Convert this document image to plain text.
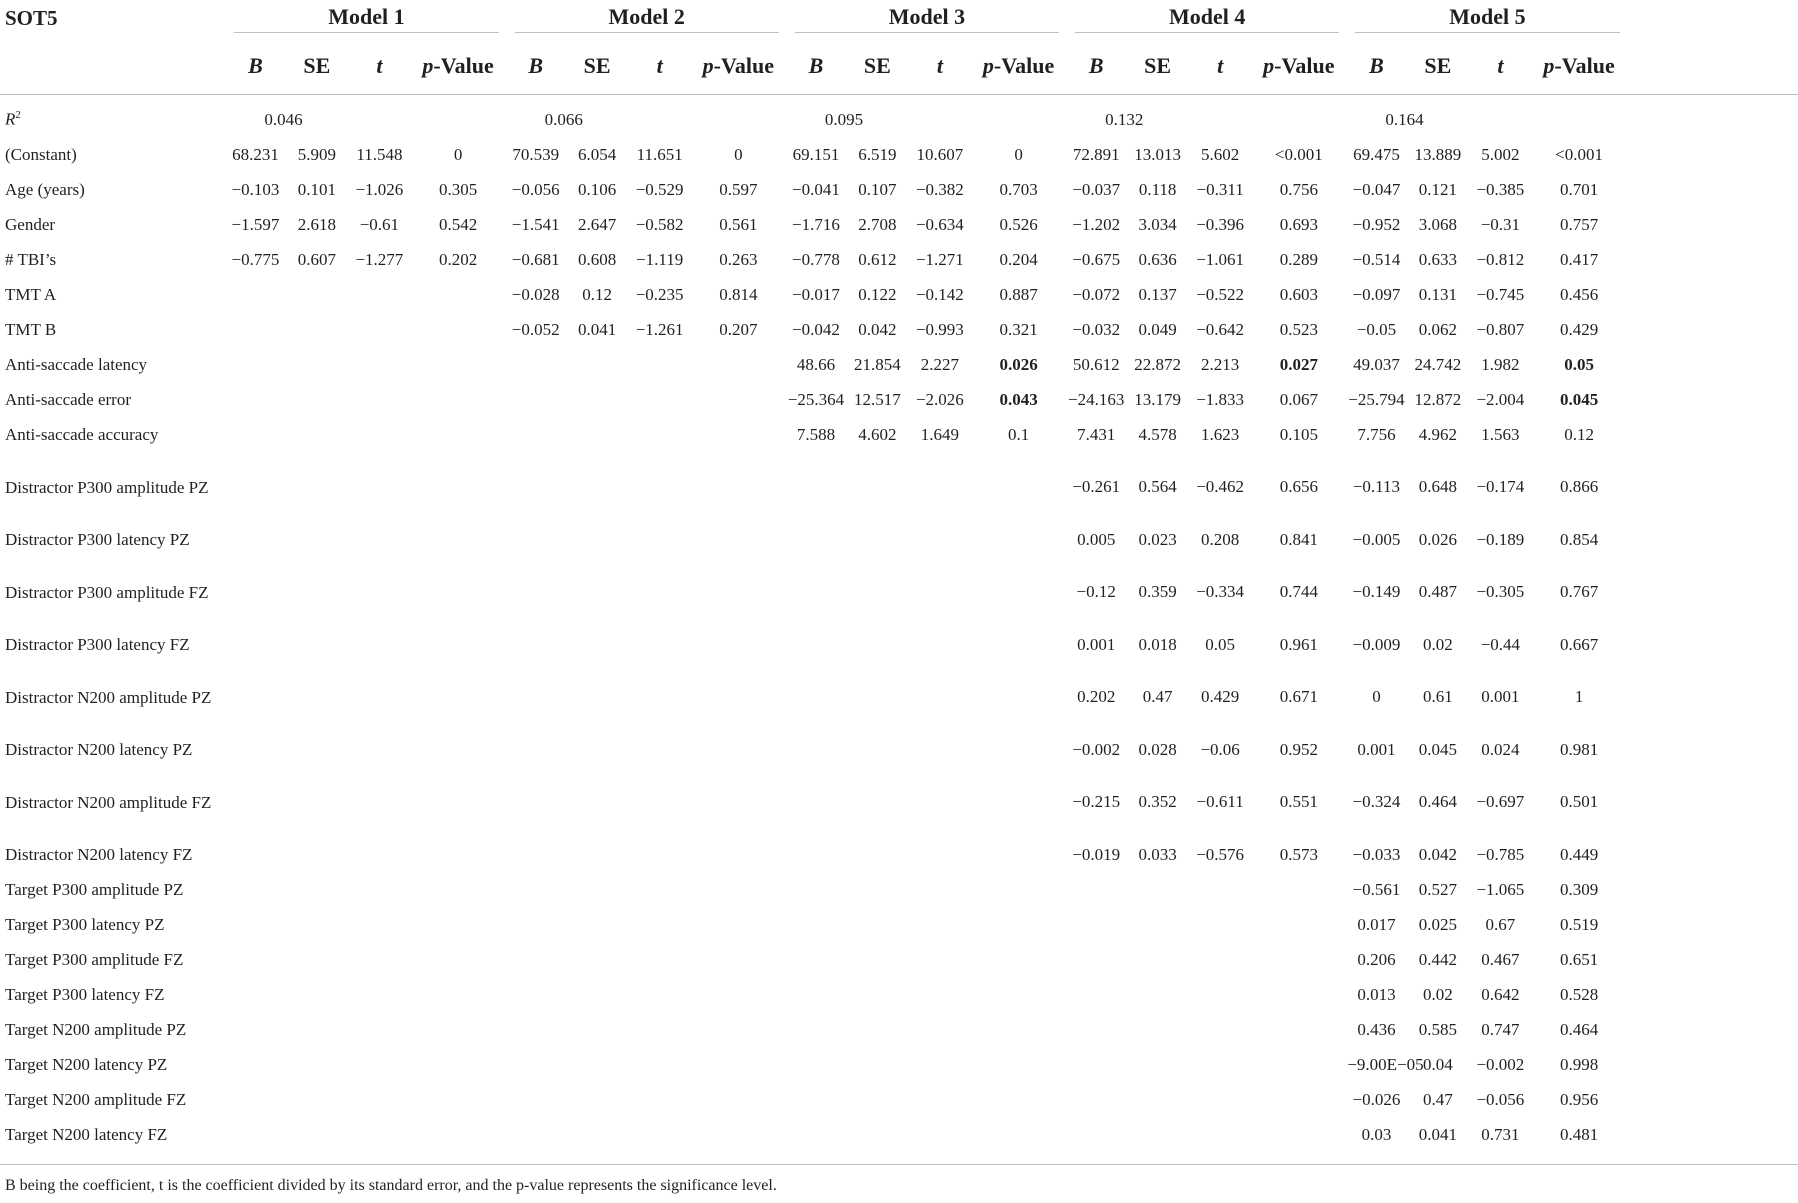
SOT5	Model 1				Model 2				Model 3				Model 4				Model 5				

	B	SE	t	p-Value	B	SE	t	p-Value	B	SE	t	p-Value	B	SE	t	p-Value	B	SE	t	p-Value	

$R^2$	0.046				0.066				0.095				0.132				0.164				
(Constant)	68.231	5.909	11.548	0	70.539	6.054	11.651	0	69.151	6.519	10.607	0	72.891	13.013	5.602	<0.001	69.475	13.889	5.002	<0.001	
Age (years)	−0.103	0.101	−1.026	0.305	−0.056	0.106	−0.529	0.597	−0.041	0.107	−0.382	0.703	−0.037	0.118	−0.311	0.756	−0.047	0.121	−0.385	0.701	
Gender	−1.597	2.618	−0.61	0.542	−1.541	2.647	−0.582	0.561	−1.716	2.708	−0.634	0.526	−1.202	3.034	−0.396	0.693	−0.952	3.068	−0.31	0.757	
# TBI’s	−0.775	0.607	−1.277	0.202	−0.681	0.608	−1.119	0.263	−0.778	0.612	−1.271	0.204	−0.675	0.636	−1.061	0.289	−0.514	0.633	−0.812	0.417	
TMT A					−0.028	0.12	−0.235	0.814	−0.017	0.122	−0.142	0.887	−0.072	0.137	−0.522	0.603	−0.097	0.131	−0.745	0.456	
TMT B					−0.052	0.041	−1.261	0.207	−0.042	0.042	−0.993	0.321	−0.032	0.049	−0.642	0.523	−0.05	0.062	−0.807	0.429	
Anti-saccade latency									48.66	21.854	2.227	0.026	50.612	22.872	2.213	0.027	49.037	24.742	1.982	0.05	
Anti-saccade error									−25.364	12.517	−2.026	0.043	−24.163	13.179	−1.833	0.067	−25.794	12.872	−2.004	0.045	
Anti-saccade accuracy									7.588	4.602	1.649	0.1	7.431	4.578	1.623	0.105	7.756	4.962	1.563	0.12	
Distractor P300 amplitude PZ													−0.261	0.564	−0.462	0.656	−0.113	0.648	−0.174	0.866	
Distractor P300 latency PZ													0.005	0.023	0.208	0.841	−0.005	0.026	−0.189	0.854	
Distractor P300 amplitude FZ													−0.12	0.359	−0.334	0.744	−0.149	0.487	−0.305	0.767	
Distractor P300 latency FZ													0.001	0.018	0.05	0.961	−0.009	0.02	−0.44	0.667	
Distractor N200 amplitude PZ													0.202	0.47	0.429	0.671	0	0.61	0.001	1	
Distractor N200 latency PZ													−0.002	0.028	−0.06	0.952	0.001	0.045	0.024	0.981	
Distractor N200 amplitude FZ													−0.215	0.352	−0.611	0.551	−0.324	0.464	−0.697	0.501	
Distractor N200 latency FZ													−0.019	0.033	−0.576	0.573	−0.033	0.042	−0.785	0.449	
Target P300 amplitude PZ																	−0.561	0.527	−1.065	0.309	
Target P300 latency PZ																	0.017	0.025	0.67	0.519	
Target P300 amplitude FZ																	0.206	0.442	0.467	0.651	
Target P300 latency FZ																	0.013	0.02	0.642	0.528	
Target N200 amplitude PZ																	0.436	0.585	0.747	0.464	
Target N200 latency PZ																	−9.00E−05	0.04	−0.002	0.998	
Target N200 amplitude FZ																	−0.026	0.47	−0.056	0.956	
Target N200 latency FZ																	0.03	0.041	0.731	0.481	

B being the coefficient, t is the coefficient divided by its standard error, and the p-value represents the significance level.
